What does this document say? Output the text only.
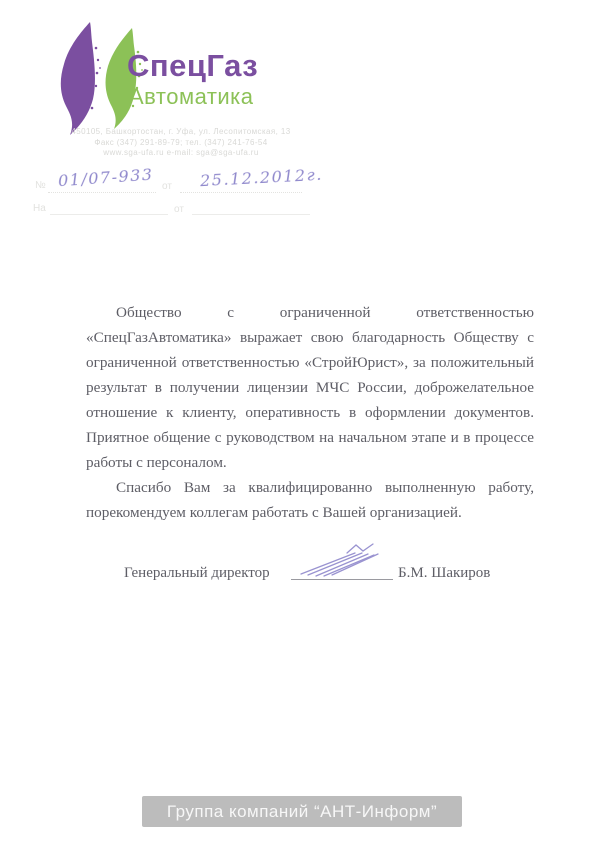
СпецГаз
Автоматика
450105, Башкортостан, г. Уфа, ул. Лесопитомская, 13
Факс (347) 291-89-79; тел. (347) 241-76-54
www.sga-ufa.ru e-mail: sga@sga-ufa.ru
№ 01/07-933 от 25.12.2012г.
На	от

Общество с ограниченной ответственностью «СпецГазАвтоматика» выражает свою благодарность Обществу с ограниченной ответственностью «СтройЮрист», за положительный результат в получении лицензии МЧС России, доброжелательное отношение к клиенту, оперативность в оформлении документов. Приятное общение с руководством на начальном этапе и в процессе работы с персоналом.

Спасибо Вам за квалифицированно выполненную работу, порекомендуем коллегам работать с Вашей организацией.

Генеральный директор	Б.М. Шакиров
Группа компаний “АНТ-Информ”
